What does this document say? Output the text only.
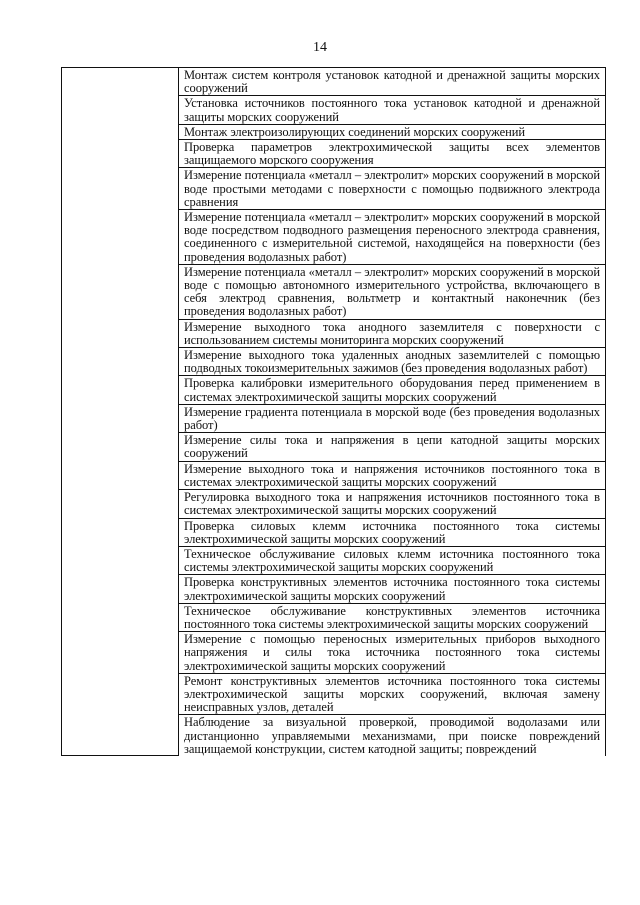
14
	Монтаж систем контроля установок катодной и дренажной защиты морских сооружений
Установка источников постоянного тока установок катодной и дренажной защиты морских сооружений
Монтаж электроизолирующих соединений морских сооружений
Проверка параметров электрохимической защиты всех элементов защищаемого морского сооружения
Измерение потенциала «металл – электролит» морских сооружений в морской воде простыми методами с поверхности с помощью подвижного электрода сравнения
Измерение потенциала «металл – электролит» морских сооружений в морской воде посредством подводного размещения переносного электрода сравнения, соединенного с измерительной системой, находящейся на поверхности (без проведения водолазных работ)
Измерение потенциала «металл – электролит» морских сооружений в морской воде с помощью автономного измерительного устройства, включающего в себя электрод сравнения, вольтметр и контактный наконечник (без проведения водолазных работ)
Измерение выходного тока анодного заземлителя с поверхности с использованием системы мониторинга морских сооружений
Измерение выходного тока удаленных анодных заземлителей с помощью подводных токоизмерительных зажимов (без проведения водолазных работ)
Проверка калибровки измерительного оборудования перед применением в системах электрохимической защиты морских сооружений
Измерение градиента потенциала в морской воде (без проведения водолазных работ)
Измерение силы тока и напряжения в цепи катодной защиты морских сооружений
Измерение выходного тока и напряжения источников постоянного тока в системах электрохимической защиты морских сооружений
Регулировка выходного тока и напряжения источников постоянного тока в системах электрохимической защиты морских сооружений
Проверка силовых клемм источника постоянного тока системы электрохимической защиты морских сооружений
Техническое обслуживание силовых клемм источника постоянного тока системы электрохимической защиты морских сооружений
Проверка конструктивных элементов источника постоянного тока системы электрохимической защиты морских сооружений
Техническое обслуживание конструктивных элементов источника постоянного тока системы электрохимической защиты морских сооружений
Измерение с помощью переносных измерительных приборов выходного напряжения и силы тока источника постоянного тока системы электрохимической защиты морских сооружений
Ремонт конструктивных элементов источника постоянного тока системы электрохимической защиты морских сооружений, включая замену неисправных узлов, деталей
Наблюдение за визуальной проверкой, проводимой водолазами или дистанционно управляемыми механизмами, при поиске повреждений защищаемой конструкции, систем катодной защиты; повреждений
